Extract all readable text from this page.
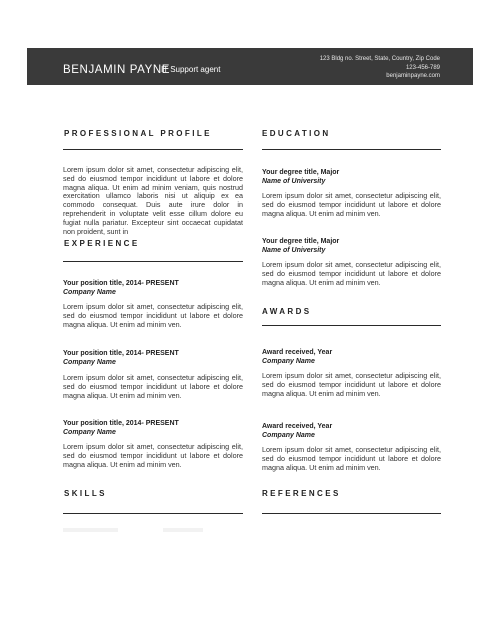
BENJAMIN PAYNE
IT Support agent
123 Bldg no. Street, State, Country, Zip Code
123-456-789
benjaminpayne.com
PROFESSIONAL PROFILE
Lorem ipsum dolor sit amet, consectetur adipiscing elit, sed do eiusmod tempor incididunt ut labore et dolore magna aliqua. Ut enim ad minim veniam, quis nostrud exercitation ullamco laboris nisi ut aliquip ex ea commodo consequat. Duis aute irure dolor in reprehenderit in voluptate velit esse cillum dolore eu fugiat nulla pariatur. Excepteur sint occaecat cupidatat non proident, sunt in
EXPERIENCE
Your position title, 2014- PRESENT
Company Name
Lorem ipsum dolor sit amet, consectetur adipiscing elit, sed do eiusmod tempor incididunt ut labore et dolore magna aliqua. Ut enim ad minim ven.
Your position title, 2014- PRESENT
Company Name
Lorem ipsum dolor sit amet, consectetur adipiscing elit, sed do eiusmod tempor incididunt ut labore et dolore magna aliqua. Ut enim ad minim ven.
Your position title, 2014- PRESENT
Company Name
Lorem ipsum dolor sit amet, consectetur adipiscing elit, sed do eiusmod tempor incididunt ut labore et dolore magna aliqua. Ut enim ad minim ven.
SKILLS
EDUCATION
Your degree title, Major
Name of University
Lorem ipsum dolor sit amet, consectetur adipiscing elit, sed do eiusmod tempor incididunt ut labore et dolore magna aliqua. Ut enim ad minim ven.
Your degree title, Major
Name of University
Lorem ipsum dolor sit amet, consectetur adipiscing elit, sed do eiusmod tempor incididunt ut labore et dolore magna aliqua. Ut enim ad minim ven.
AWARDS
Award received, Year
Company Name
Lorem ipsum dolor sit amet, consectetur adipiscing elit, sed do eiusmod tempor incididunt ut labore et dolore magna aliqua. Ut enim ad minim ven.
Award received, Year
Company Name
Lorem ipsum dolor sit amet, consectetur adipiscing elit, sed do eiusmod tempor incididunt ut labore et dolore magna aliqua. Ut enim ad minim ven.
REFERENCES
